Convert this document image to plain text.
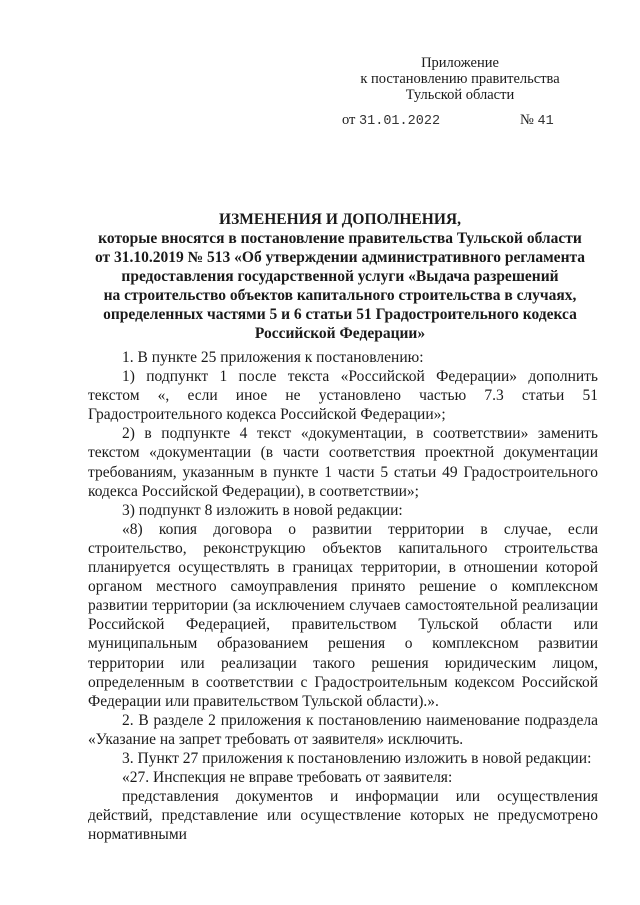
Приложение
к постановлению правительства
Тульской области
от 31.01.2022	№ 41
ИЗМЕНЕНИЯ И ДОПОЛНЕНИЯ,
которые вносятся в постановление правительства Тульской области
от 31.10.2019 № 513 «Об утверждении административного регламента
предоставления государственной услуги «Выдача разрешений
на строительство объектов капитального строительства в случаях,
определенных частями 5 и 6 статьи 51 Градостроительного кодекса
Российской Федерации»

1. В пункте 25 приложения к постановлению:

1) подпункт 1 после текста «Российской Федерации» дополнить текстом «, если иное не установлено частью 7.3 статьи 51 Градостроительного кодекса Российской Федерации»;

2) в подпункте 4 текст «документации, в соответствии» заменить текстом «документации (в части соответствия проектной документации требованиям, указанным в пункте 1 части 5 статьи 49 Градостроительного кодекса Российской Федерации), в соответствии»;

3) подпункт 8 изложить в новой редакции:

«8) копия договора о развитии территории в случае, если строительство, реконструкцию объектов капитального строительства планируется осуществлять в границах территории, в отношении которой органом местного самоуправления принято решение о комплексном развитии территории (за исключением случаев самостоятельной реализации Российской Федерацией, правительством Тульской области или муниципальным образованием решения о комплексном развитии территории или реализации такого решения юридическим лицом, определенным в соответствии с Градостроительным кодексом Российской Федерации или правительством Тульской области).».

2. В разделе 2 приложения к постановлению наименование подраздела «Указание на запрет требовать от заявителя» исключить.

3. Пункт 27 приложения к постановлению изложить в новой редакции:

«27. Инспекция не вправе требовать от заявителя:

представления документов и информации или осуществления действий, представление или осуществление которых не предусмотрено нормативными
